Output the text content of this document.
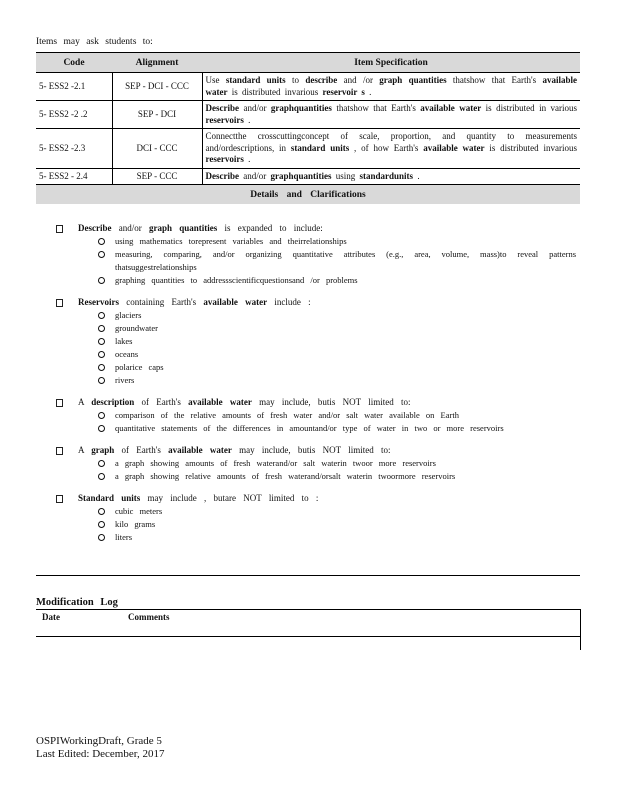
Items may ask students to:
Code	Alignment	Item Specification
5- ESS2 -2.1	SEP - DCI - CCC	Use standard units to describe and /or graph quantities thatshow that Earth's available water is distributed invarious reservoir s .
5- ESS2 -2 .2	SEP - DCI	Describe and/or graphquantities thatshow that Earth's available water is distributed in various reservoirs .
5- ESS2 -2.3	DCI - CCC	Connectthe crosscuttingconcept of scale, proportion, and quantity to measurements and/ordescriptions, in standard units , of how Earth's available water is distributed invarious reservoirs .
5- ESS2 - 2.4	SEP - CCC	Describe and/or graphquantities using standardunits .
Details and Clarifications		
Describe and/or graph quantities is expanded to include:
using mathematics torepresent variables and theirrelationships
measuring, comparing, and/or organizing quantitative attributes (e.g., area, volume, mass)to reveal patterns thatsuggestrelationships
graphing quantities to addressscientificquestionsand /or problems
Reservoirs containing Earth's available water include :
glaciers
groundwater
lakes
oceans
polarice caps
rivers
A description of Earth's available water may include, butis NOT limited to:
comparison of the relative amounts of fresh water and/or salt water available on Earth
quantitative statements of the differences in amountand/or type of water in two or more reservoirs
A graph of Earth's available water may include, butis NOT limited to:
a graph showing amounts of fresh waterand/or salt waterin twoor more reservoirs
a graph showing relative amounts of fresh waterand/orsalt waterin twoormore reservoirs
Standard units may include , butare NOT limited to :
cubic meters
kilo grams
liters
Modification Log
Date	Comments
OSPIWorkingDraft, Grade 5
Last Edited: December, 2017
